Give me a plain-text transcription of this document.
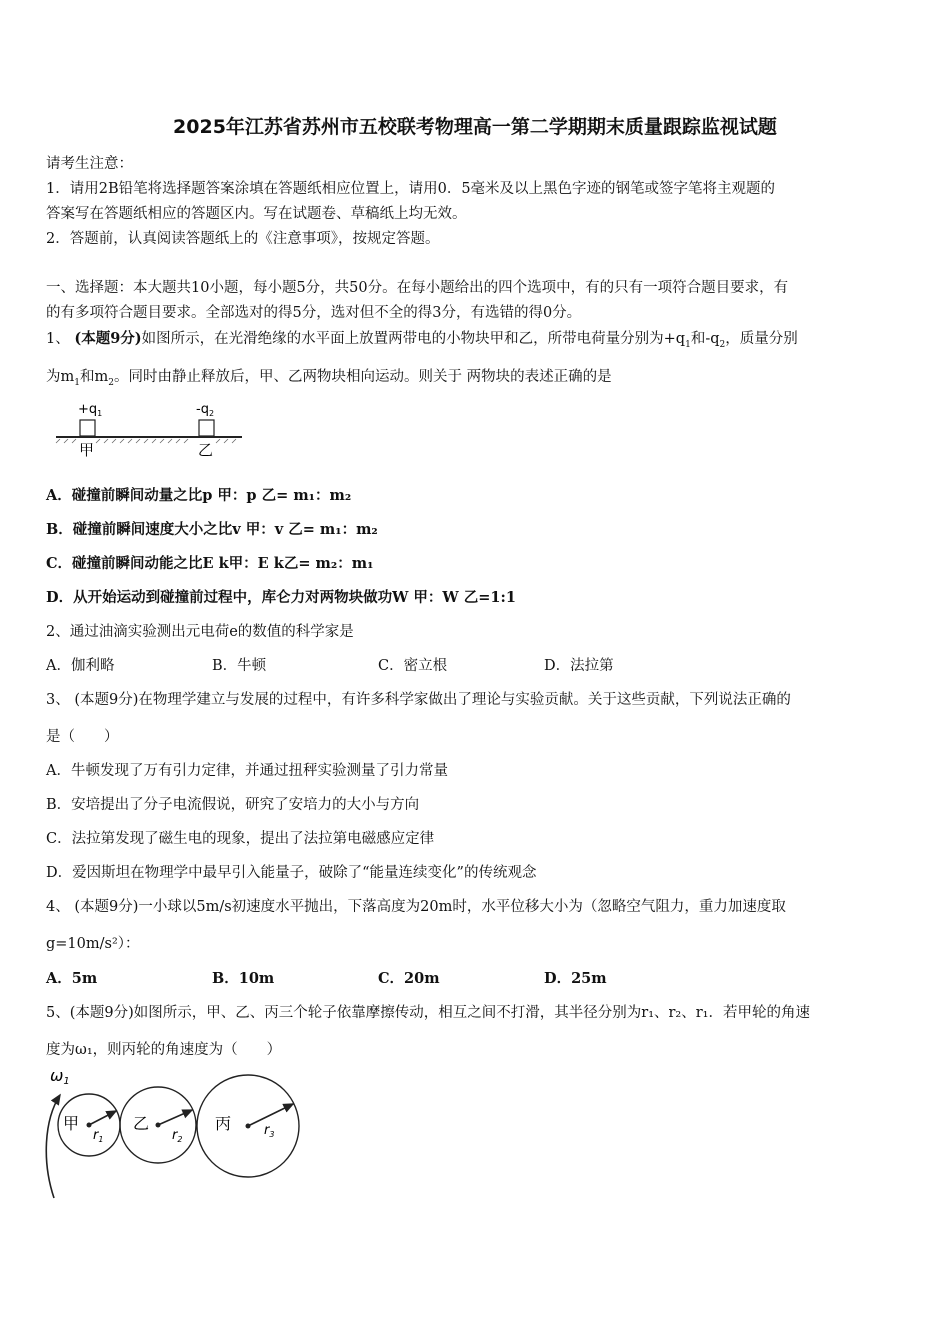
2025年江苏省苏州市五校联考物理高一第二学期期末质量跟踪监视试题
请考生注意：
1．请用2B铅笔将选择题答案涂填在答题纸相应位置上，请用0．5毫米及以上黑色字迹的钢笔或签字笔将主观题的
答案写在答题纸相应的答题区内。写在试题卷、草稿纸上均无效。
2．答题前，认真阅读答题纸上的《注意事项》，按规定答题。
一、选择题：本大题共10小题，每小题5分，共50分。在每小题给出的四个选项中，有的只有一项符合题目要求，有
的有多项符合题目要求。全部选对的得5分，选对但不全的得3分，有选错的得0分。
1、 (本题9分)如图所示，在光滑绝缘的水平面上放置两带电的小物块甲和乙，所带电荷量分别为$+q_1$和$-q_2$，质量分别
为$m_1$和$m_2$。同时由静止释放后，甲、乙两物块相向运动。则关于 两物块的表述正确的是
$+q_1$	$-q_2$
甲	乙
A．碰撞前瞬间动量之比p 甲：p 乙= m₁：m₂
B．碰撞前瞬间速度大小之比v 甲：v 乙= m₁：m₂
C．碰撞前瞬间动能之比E k甲：E k乙= m₂：m₁
D．从开始运动到碰撞前过程中，库仑力对两物块做功W 甲：W 乙=1:1
2、通过油滴实验测出元电荷e的数值的科学家是
A．伽利略	B．牛顿	C．密立根	D．法拉第
3、 (本题9分)在物理学建立与发展的过程中，有许多科学家做出了理论与实验贡献。关于这些贡献，下列说法正确的
是（　　）
A．牛顿发现了万有引力定律，并通过扭秤实验测量了引力常量
B．安培提出了分子电流假说，研究了安培力的大小与方向
C．法拉第发现了磁生电的现象，提出了法拉第电磁感应定律
D．爱因斯坦在物理学中最早引入能量子，破除了“能量连续变化”的传统观念
4、 (本题9分)一小球以5m/s初速度水平抛出，下落高度为20m时，水平位移大小为（忽略空气阻力，重力加速度取
g=10m/s²）：
A．5m	B．10m	C．20m	D．25m
5、(本题9分)如图所示，甲、乙、丙三个轮子依靠摩擦传动，相互之间不打滑，其半径分别为r₁、r₂、r₁．若甲轮的角速
度为ω₁，则丙轮的角速度为（　　）
ω1
甲	乙	丙
$r_1$	$r_2$
$r_3$
